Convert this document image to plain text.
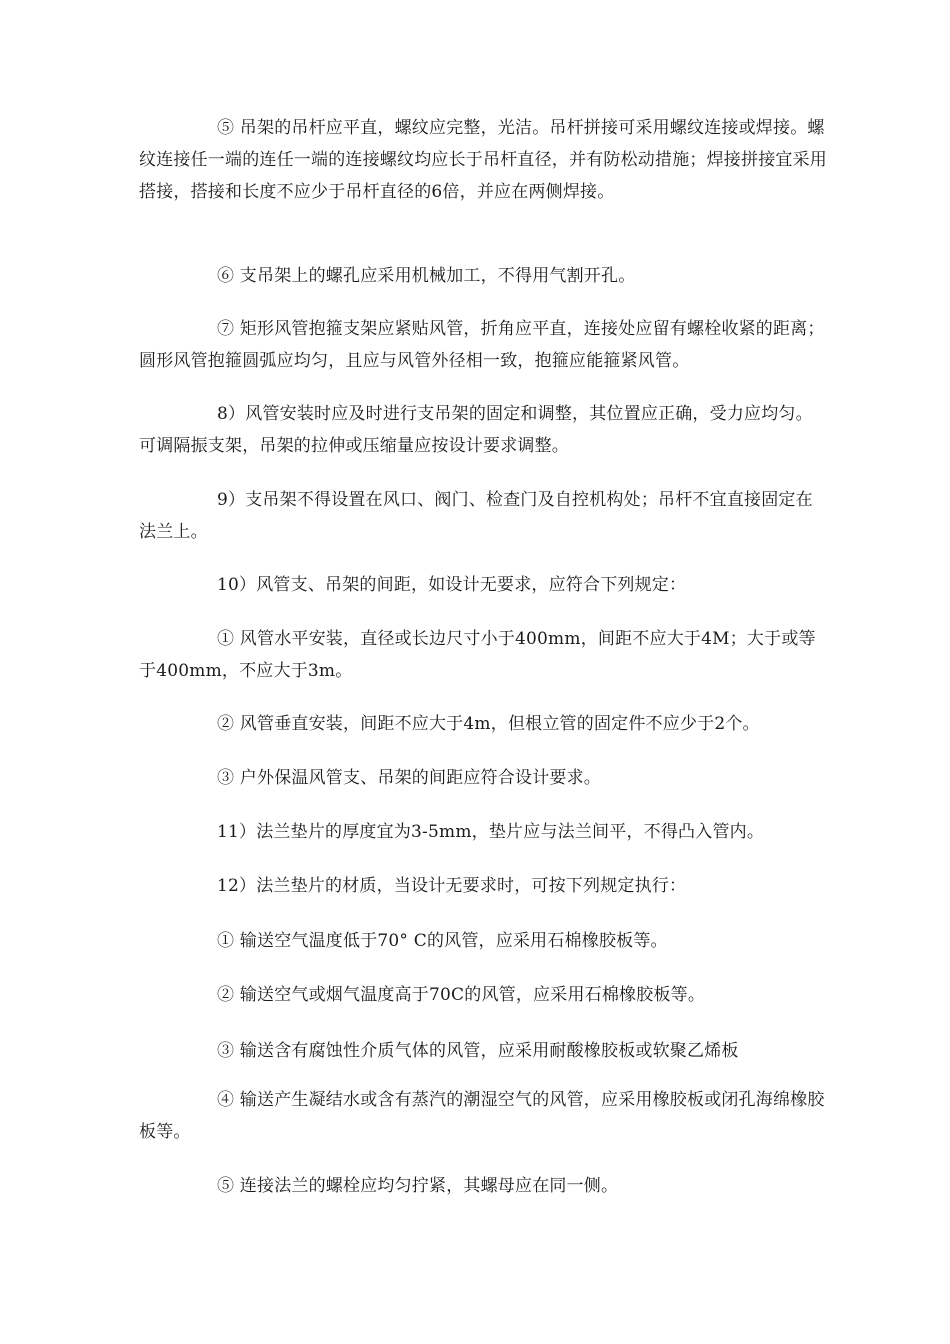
⑤ 吊架的吊杆应平直，螺纹应完整，光洁。吊杆拼接可采用螺纹连接或焊接。螺纹连接任一端的连任一端的连接螺纹均应长于吊杆直径，并有防松动措施；焊接拼接宜采用搭接，搭接和长度不应少于吊杆直径的6倍，并应在两侧焊接。

⑥ 支吊架上的螺孔应采用机械加工，不得用气割开孔。

⑦ 矩形风管抱箍支架应紧贴风管，折角应平直，连接处应留有螺栓收紧的距离；圆形风管抱箍圆弧应均匀，且应与风管外径相一致，抱箍应能箍紧风管。

8）风管安装时应及时进行支吊架的固定和调整，其位置应正确，受力应均匀。可调隔振支架，吊架的拉伸或压缩量应按设计要求调整。

9）支吊架不得设置在风口、阀门、检查门及自控机构处；吊杆不宜直接固定在法兰上。

10）风管支、吊架的间距，如设计无要求，应符合下列规定：

① 风管水平安装，直径或长边尺寸小于400mm，间距不应大于4M；大于或等于400mm，不应大于3m。

② 风管垂直安装，间距不应大于4m，但根立管的固定件不应少于2个。

③ 户外保温风管支、吊架的间距应符合设计要求。

11）法兰垫片的厚度宜为3-5mm，垫片应与法兰间平，不得凸入管内。

12）法兰垫片的材质，当设计无要求时，可按下列规定执行：

① 输送空气温度低于70° C的风管，应采用石棉橡胶板等。

② 输送空气或烟气温度高于70C的风管，应采用石棉橡胶板等。

③ 输送含有腐蚀性介质气体的风管，应采用耐酸橡胶板或软聚乙烯板

④ 输送产生凝结水或含有蒸汽的潮湿空气的风管，应采用橡胶板或闭孔海绵橡胶板等。

⑤ 连接法兰的螺栓应均匀拧紧，其螺母应在同一侧。
